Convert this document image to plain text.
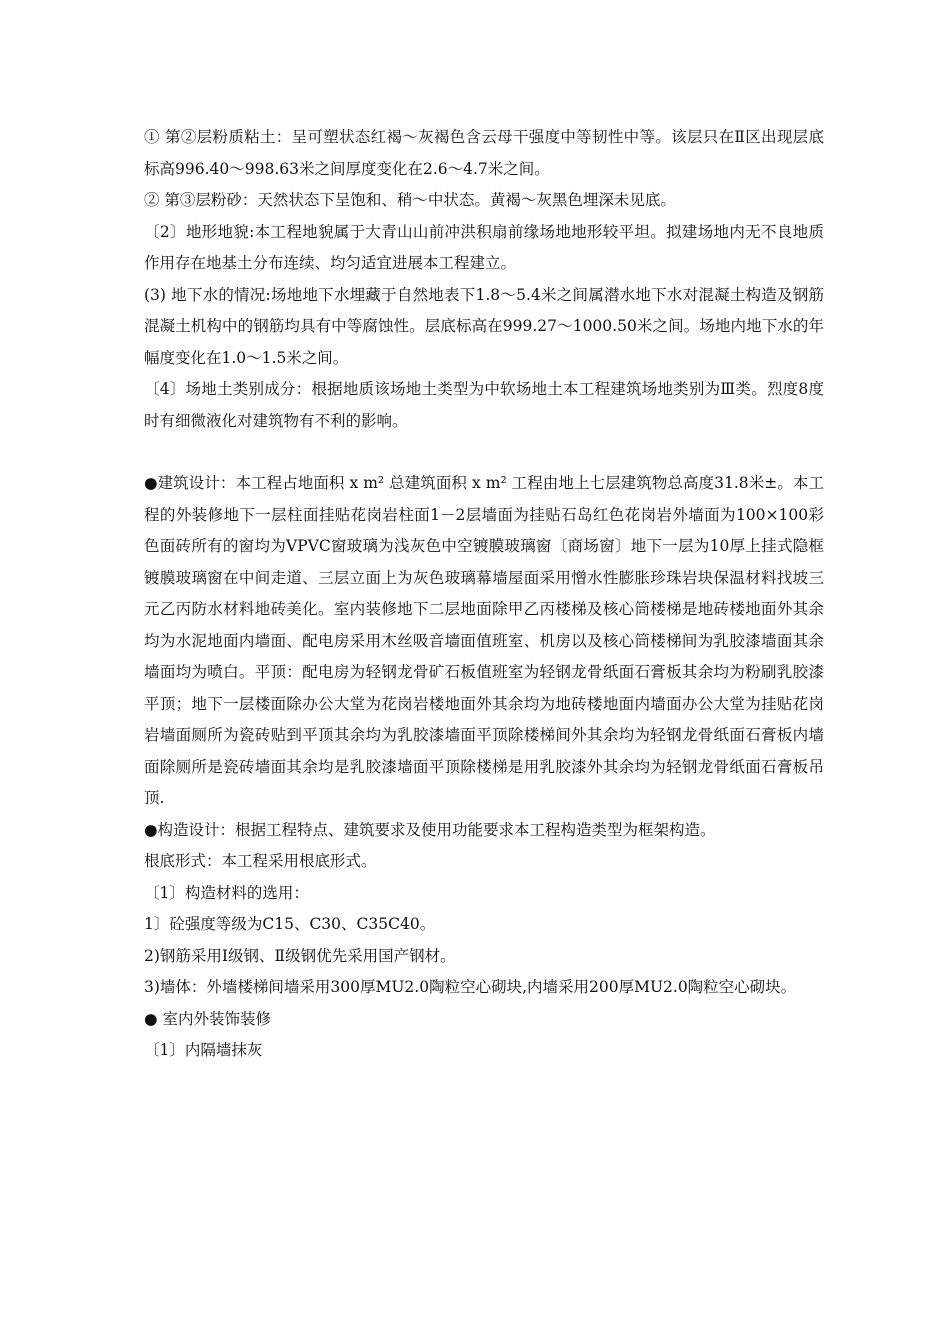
① 第②层粉质粘土：呈可塑状态红褐～灰褐色含云母干强度中等韧性中等。该层只在Ⅱ区出现层底标高996.40～998.63米之间厚度变化在2.6～4.7米之间。

② 第③层粉砂：天然状态下呈饱和、稍～中状态。黄褐～灰黑色埋深未见底。

〔2〕地形地貌:本工程地貌属于大青山山前冲洪积扇前缘场地地形较平坦。拟建场地内无不良地质作用存在地基土分布连续、均匀适宜进展本工程建立。

(3) 地下水的情况:场地地下水埋藏于自然地表下1.8～5.4米之间属潜水地下水对混凝土构造及钢筋混凝土机构中的钢筋均具有中等腐蚀性。层底标高在999.27～1000.50米之间。场地内地下水的年幅度变化在1.0～1.5米之间。

〔4〕场地土类别成分：根据地质该场地土类型为中软场地土本工程建筑场地类别为Ⅲ类。烈度8度时有细微液化对建筑物有不利的影响。

●建筑设计：本工程占地面积 x m² 总建筑面积 x m² 工程由地上七层建筑物总高度31.8米±。本工程的外装修地下一层柱面挂贴花岗岩柱面1－2层墙面为挂贴石岛红色花岗岩外墙面为100×100彩色面砖所有的窗均为VPVC窗玻璃为浅灰色中空镀膜玻璃窗〔商场窗〕地下一层为10厚上挂式隐框镀膜玻璃窗在中间走道、三层立面上为灰色玻璃幕墙屋面采用憎水性膨胀珍珠岩块保温材料找坡三元乙丙防水材料地砖美化。室内装修地下二层地面除甲乙丙楼梯及核心筒楼梯是地砖楼地面外其余均为水泥地面内墙面、配电房采用木丝吸音墙面值班室、机房以及核心筒楼梯间为乳胶漆墙面其余墙面均为喷白。平顶：配电房为轻钢龙骨矿石板值班室为轻钢龙骨纸面石膏板其余均为粉刷乳胶漆平顶；地下一层楼面除办公大堂为花岗岩楼地面外其余均为地砖楼地面内墙面办公大堂为挂贴花岗岩墙面厕所为瓷砖贴到平顶其余均为乳胶漆墙面平顶除楼梯间外其余均为轻钢龙骨纸面石膏板内墙面除厕所是瓷砖墙面其余均是乳胶漆墙面平顶除楼梯是用乳胶漆外其余均为轻钢龙骨纸面石膏板吊顶.

●构造设计：根据工程特点、建筑要求及使用功能要求本工程构造类型为框架构造。

根底形式：本工程采用根底形式。

〔1〕构造材料的选用：

1〕砼强度等级为C15、C30、C35C40。

2)钢筋采用Ⅰ级钢、Ⅱ级钢优先采用国产钢材。

3)墙体：外墙楼梯间墙采用300厚MU2.0陶粒空心砌块,内墙采用200厚MU2.0陶粒空心砌块。

● 室内外装饰装修

〔1〕内隔墙抹灰
